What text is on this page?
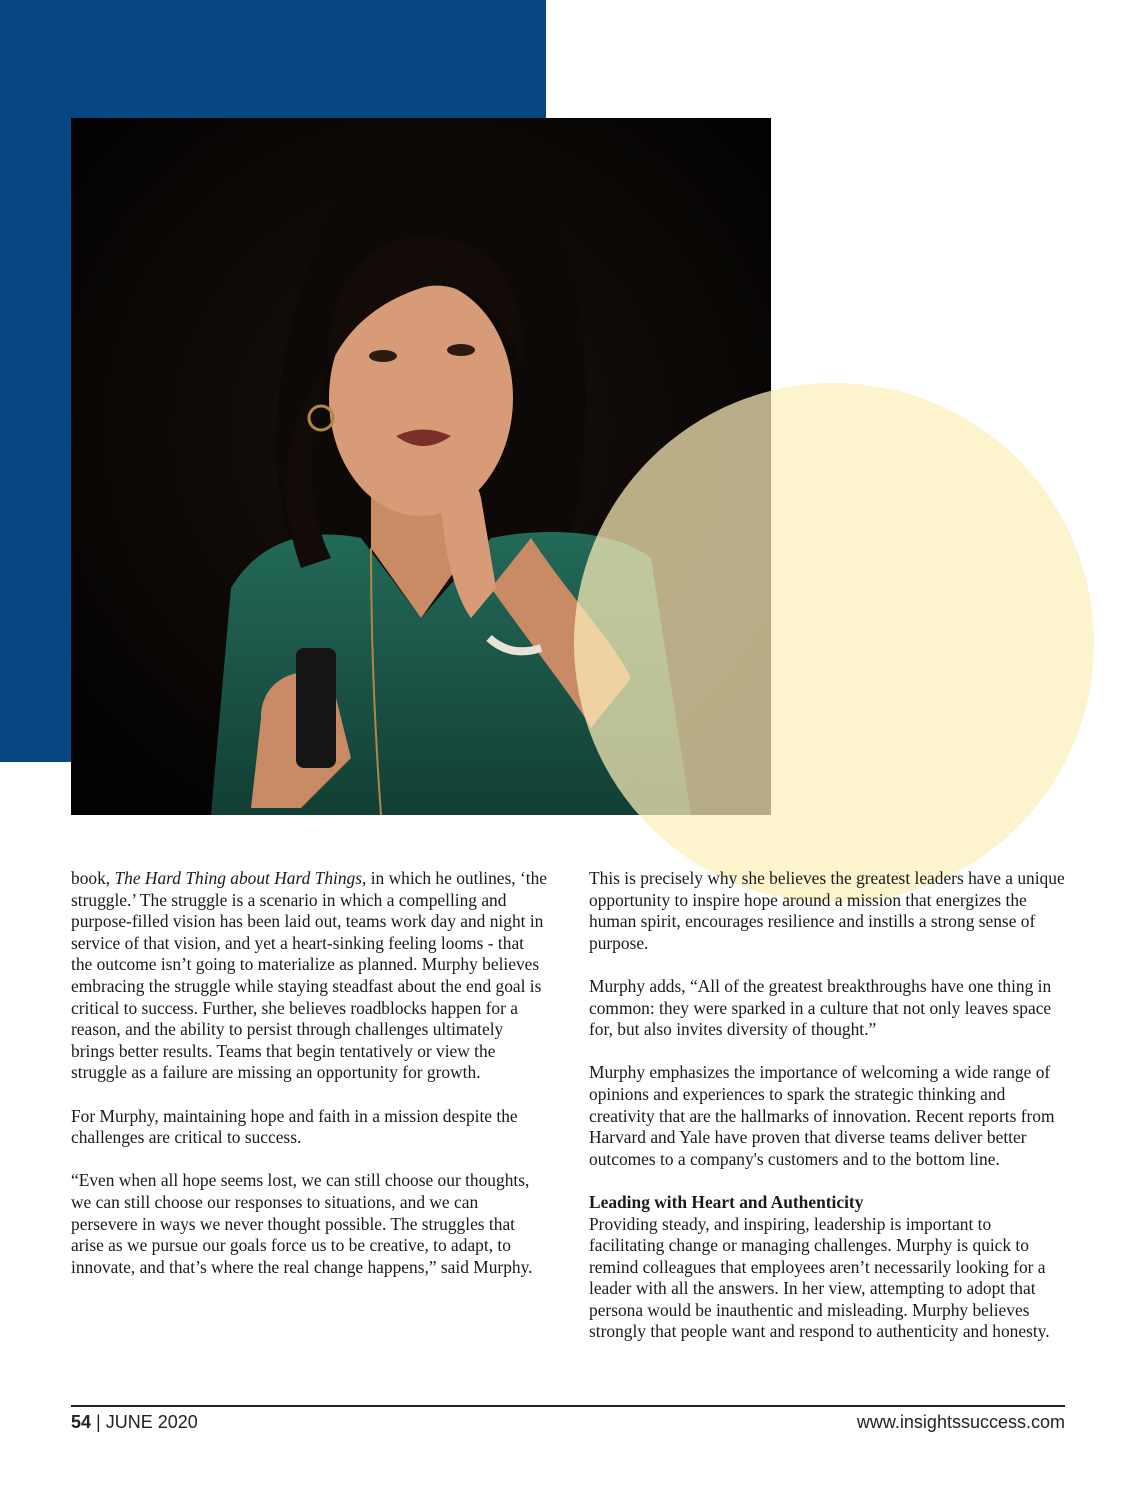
book, The Hard Thing about Hard Things, in which he outlines, ‘the struggle.’ The struggle is a scenario in which a compelling and purpose-filled vision has been laid out, teams work day and night in service of that vision, and yet a heart-sinking feeling looms - that the outcome isn’t going to materialize as planned. Murphy believes embracing the struggle while staying steadfast about the end goal is critical to success. Further, she believes roadblocks happen for a reason, and the ability to persist through challenges ultimately brings better results. Teams that begin tentatively or view the struggle as a failure are missing an opportunity for growth.

For Murphy, maintaining hope and faith in a mission despite the challenges are critical to success.

“Even when all hope seems lost, we can still choose our thoughts, we can still choose our responses to situations, and we can persevere in ways we never thought possible. The struggles that arise as we pursue our goals force us to be creative, to adapt, to innovate, and that’s where the real change happens,” said Murphy.

This is precisely why she believes the greatest leaders have a unique opportunity to inspire hope around a mission that energizes the human spirit, encourages resilience and instills a strong sense of purpose.

Murphy adds, “All of the greatest breakthroughs have one thing in common: they were sparked in a culture that not only leaves space for, but also invites diversity of thought.”

Murphy emphasizes the importance of welcoming a wide range of opinions and experiences to spark the strategic thinking and creativity that are the hallmarks of innovation. Recent reports from Harvard and Yale have proven that diverse teams deliver better outcomes to a company's customers and to the bottom line.

Leading with Heart and Authenticity

Providing steady, and inspiring, leadership is important to facilitating change or managing challenges. Murphy is quick to remind colleagues that employees aren’t necessarily looking for a leader with all the answers. In her view, attempting to adopt that persona would be inauthentic and misleading. Murphy believes strongly that people want and respond to authenticity and honesty.

54 | JUNE 2020	www.insightssuccess.com
